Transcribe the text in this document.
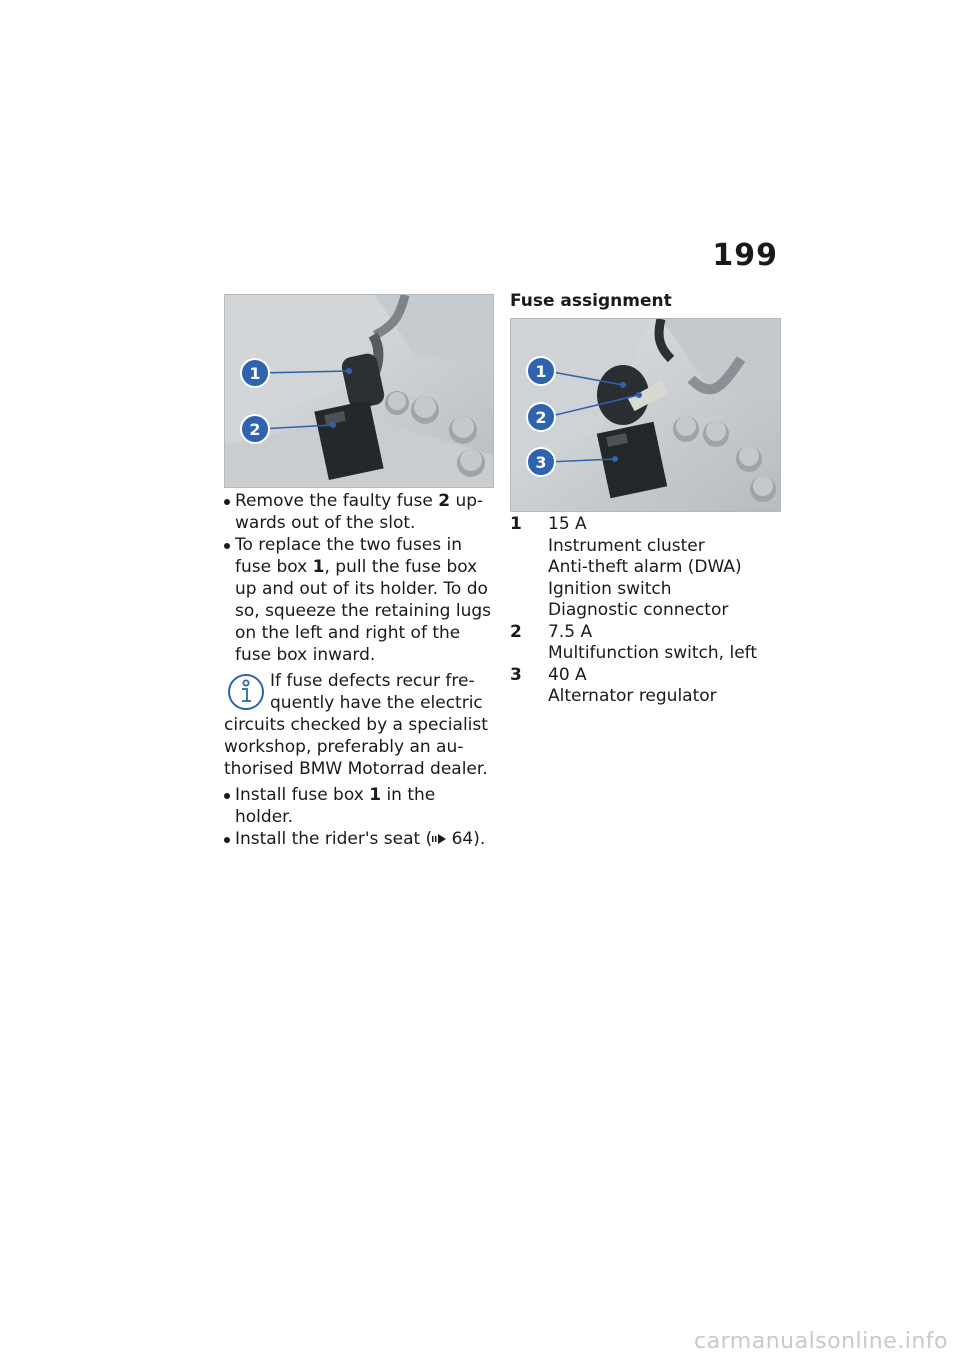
199
1
2

Remove the faulty fuse 2 up-wards out of the slot.

To replace the two fuses in fuse box 1, pull the fuse box up and out of its holder. To do so, squeeze the retaining lugs on the left and right of the fuse box inward.

If fuse defects recur fre-quently have the electric circuits checked by a specialist workshop, preferably an au-thorised BMW Motorrad dealer.

Install fuse box 1 in the holder.

Install the rider's seat ( 64).

Fuse assignment

1
2
3
1	15 A
Instrument cluster
Anti-theft alarm (DWA)
Ignition switch
Diagnostic connector
2	7.5 A
Multifunction switch, left
3	40 A
Alternator regulator
carmanualsonline.info
